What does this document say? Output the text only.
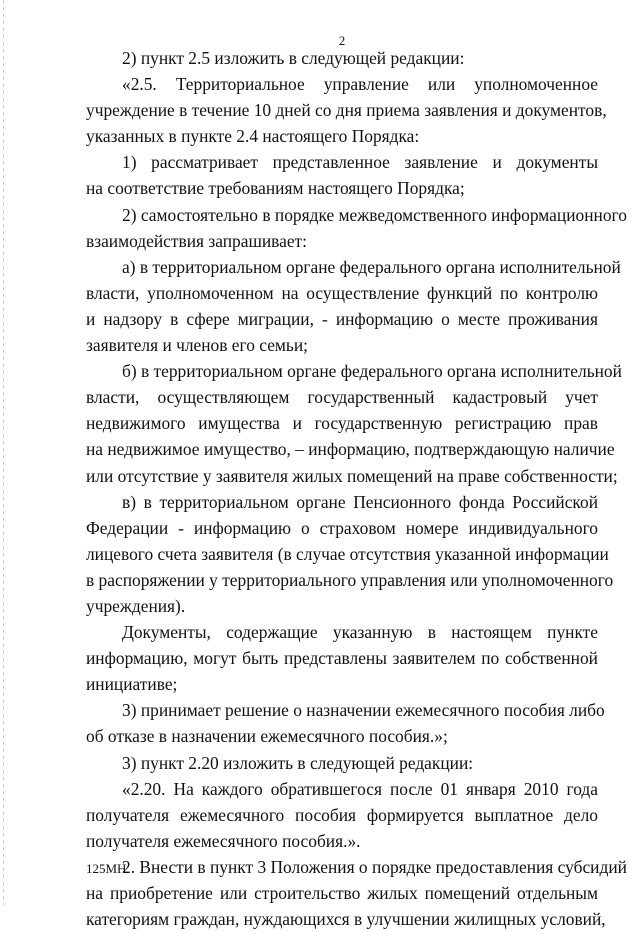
2

2) пункт 2.5 изложить в следующей редакции:

«2.5. Территориальное управление или уполномоченное
учреждение в течение 10 дней со дня приема заявления и документов,
указанных в пункте 2.4 настоящего Порядка:

1) рассматривает представленное заявление и документы
на соответствие требованиям настоящего Порядка;

2) самостоятельно в порядке межведомственного информационного
взаимодействия запрашивает:

а) в территориальном органе федерального органа исполнительной
власти, уполномоченном на осуществление функций по контролю
и надзору в сфере миграции, - информацию о месте проживания
заявителя и членов его семьи;

б) в территориальном органе федерального органа исполнительной
власти, осуществляющем государственный кадастровый учет
недвижимого имущества и государственную регистрацию прав
на недвижимое имущество, – информацию, подтверждающую наличие
или отсутствие у заявителя жилых помещений на праве собственности;

в) в территориальном органе Пенсионного фонда Российской
Федерации - информацию о страховом номере индивидуального
лицевого счета заявителя (в случае отсутствия указанной информации
в распоряжении у территориального управления или уполномоченного
учреждения).

Документы, содержащие указанную в настоящем пункте
информацию, могут быть представлены заявителем по собственной
инициативе;

3) принимает решение о назначении ежемесячного пособия либо
об отказе в назначении ежемесячного пособия.»;

3) пункт 2.20 изложить в следующей редакции:

«2.20. На каждого обратившегося после 01 января 2010 года
получателя ежемесячного пособия формируется выплатное дело
получателя ежемесячного пособия.».

2. Внести в пункт 3 Положения о порядке предоставления субсидий
на приобретение или строительство жилых помещений отдельным
категориям граждан, нуждающихся в улучшении жилищных условий,

125МН
